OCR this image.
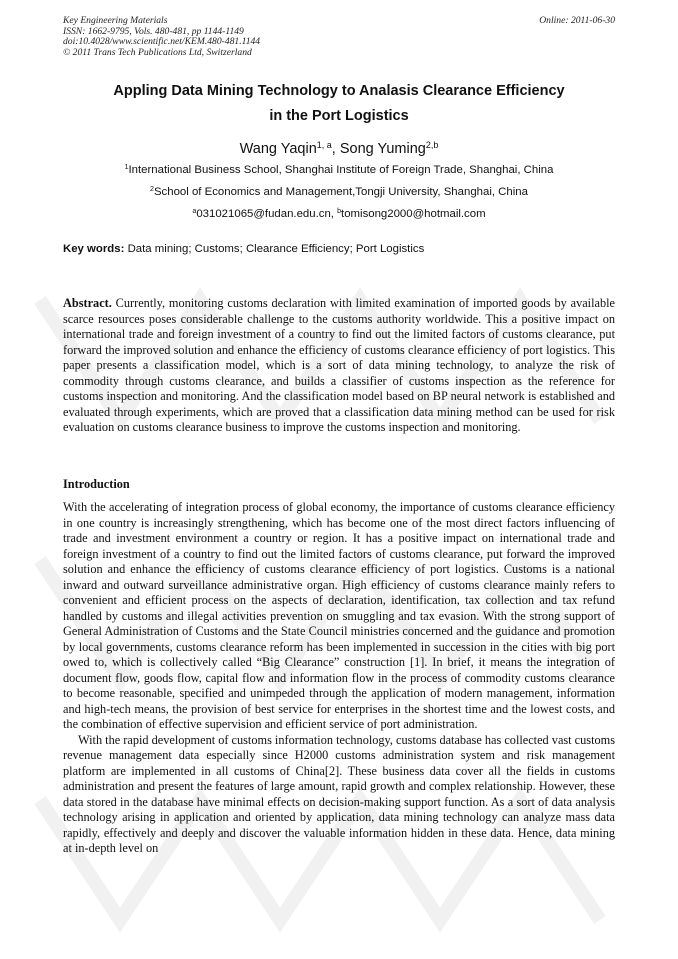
Key Engineering Materials
ISSN: 1662-9795, Vols. 480-481, pp 1144-1149
doi:10.4028/www.scientific.net/KEM.480-481.1144
© 2011 Trans Tech Publications Ltd, Switzerland
Online: 2011-06-30
Appling Data Mining Technology to Analasis Clearance Efficiency
in the Port Logistics
Wang Yaqin$^{1, a}$, Song Yuming$^{2,b}$
$^1$International Business School, Shanghai Institute of Foreign Trade, Shanghai, China
$^2$School of Economics and Management,Tongji University, Shanghai, China
$^a$031021065@fudan.edu.cn, $^b$tomisong2000@hotmail.com
Key words: Data mining; Customs; Clearance Efficiency; Port Logistics

Abstract. Currently, monitoring customs declaration with limited examination of imported goods by available scarce resources poses considerable challenge to the customs authority worldwide. This a positive impact on international trade and foreign investment of a country to find out the limited factors of customs clearance, put forward the improved solution and enhance the efficiency of customs clearance efficiency of port logistics. This paper presents a classification model, which is a sort of data mining technology, to analyze the risk of commodity through customs clearance, and builds a classifier of customs inspection as the reference for customs inspection and monitoring. And the classification model based on BP neural network is established and evaluated through experiments, which are proved that a classification data mining method can be used for risk evaluation on customs clearance business to improve the customs inspection and monitoring.

Introduction

With the accelerating of integration process of global economy, the importance of customs clearance efficiency in one country is increasingly strengthening, which has become one of the most direct factors influencing of trade and investment environment a country or region. It has a positive impact on international trade and foreign investment of a country to find out the limited factors of customs clearance, put forward the improved solution and enhance the efficiency of customs clearance efficiency of port logistics. Customs is a national inward and outward surveillance administrative organ. High efficiency of customs clearance mainly refers to convenient and efficient process on the aspects of declaration, identification, tax collection and tax refund handled by customs and illegal activities prevention on smuggling and tax evasion. With the strong support of General Administration of Customs and the State Council ministries concerned and the guidance and promotion by local governments, customs clearance reform has been implemented in succession in the cities with big port owed to, which is collectively called “Big Clearance” construction [1]. In brief, it means the integration of document flow, goods flow, capital flow and information flow in the process of commodity customs clearance to become reasonable, specified and unimpeded through the application of modern management, information and high-tech means, the provision of best service for enterprises in the shortest time and the lowest costs, and the combination of effective supervision and efficient service of port administration.

With the rapid development of customs information technology, customs database has collected vast customs revenue management data especially since H2000 customs administration system and risk management platform are implemented in all customs of China[2]. These business data cover all the fields in customs administration and present the features of large amount, rapid growth and complex relationship. However, these data stored in the database have minimal effects on decision-making support function. As a sort of data analysis technology arising in application and oriented by application, data mining technology can analyze mass data rapidly, effectively and deeply and discover the valuable information hidden in these data. Hence, data mining at in-depth level on
